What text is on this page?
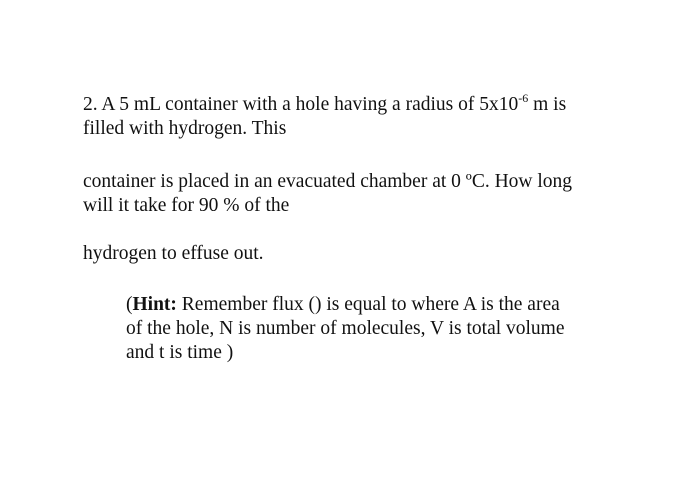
2. A 5 mL container with a hole having a radius of $5x10^{-6}$ m is
filled with hydrogen. This

container is placed in an evacuated chamber at 0 ºC. How long
will it take for 90 % of the

hydrogen to effuse out.

(Hint: Remember flux () is equal to where A is the area
of the hole, N is number of molecules, V is total volume
and t is time )
